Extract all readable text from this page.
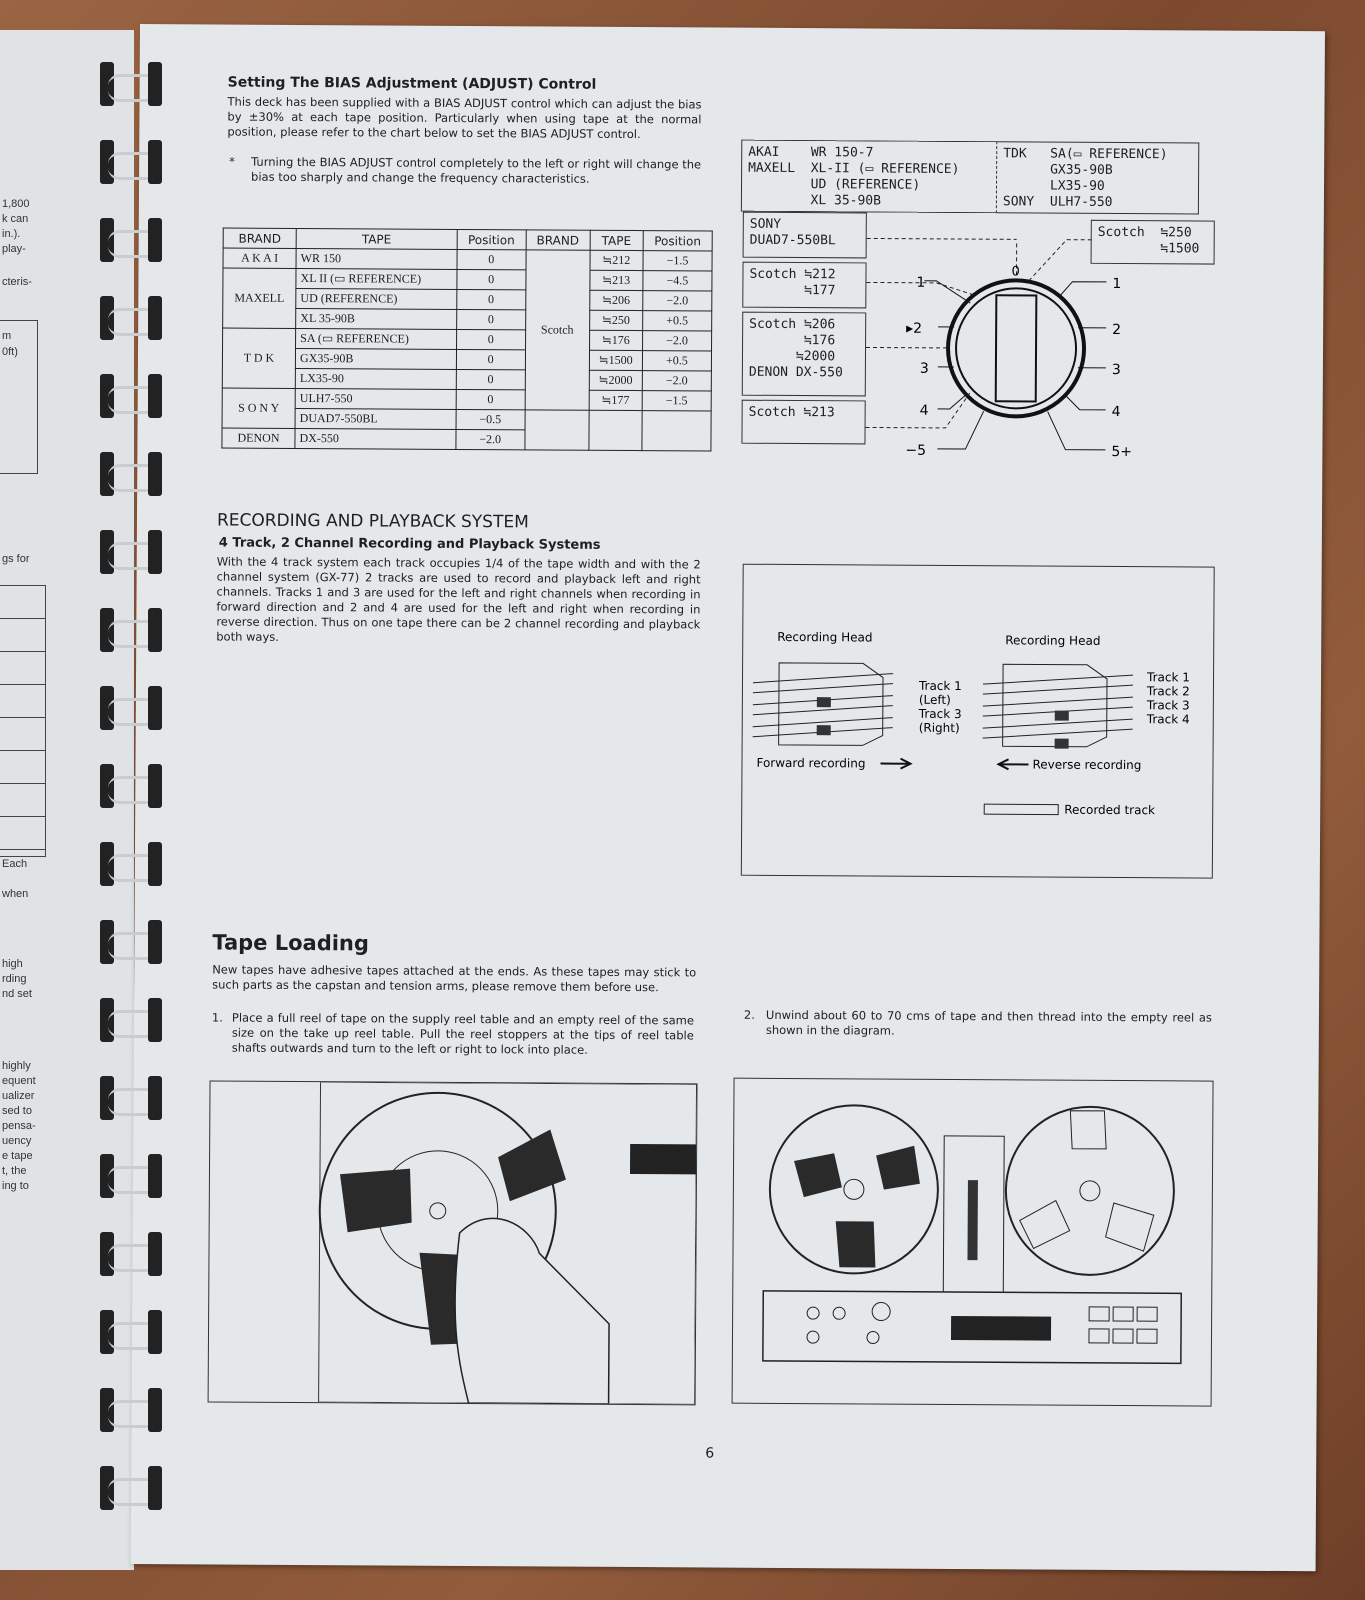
1,800
k can
in.).
play-
cteris-
m
0ft)
gs for
Each
when
high
rding
nd set
highly
equent
ualizer
sed to
pensa-
uency
e tape
t, the
ing to
Setting The BIAS Adjustment (ADJUST) Control
This deck has been supplied with a BIAS ADJUST control which can adjust the bias by ±30% at each tape position. Particularly when using tape at the normal position, please refer to the chart below to set the BIAS ADJUST control.
* Turning the BIAS ADJUST control completely to the left or right will change the bias too sharply and change the frequency characteristics.
BRAND	TAPE	Position	BRAND	TAPE	Position
A K A I	WR 150	0	Scotch	≒212	−1.5
MAXELL	XL II (▭ REFERENCE)	0		≒213	−4.5
	UD (REFERENCE)	0		≒206	−2.0
	XL 35-90B	0		≒250	+0.5
T D K	SA (▭ REFERENCE)	0		≒176	−2.0
	GX35-90B	0		≒1500	+0.5
	LX35-90	0		≒2000	−2.0
S O N Y	ULH7-550	0		≒177	−1.5
	DUAD7-550BL	−0.5			
DENON	DX-550	−2.0			
AKAI    WR 150-7
MAXELL  XL-II (▭ REFERENCE)
UD (REFERENCE)
XL 35-90B
TDK   SA(▭ REFERENCE)
GX35-90B
LX35-90
SONY  ULH7-550
SONY
DUAD7-550BL
Scotch ≒212
≒177
Scotch ≒206
≒176
≒2000
DENON DX-550
Scotch ≒213
Scotch  ≒250
≒1500
1
▸2
3
4
−5
1
2
3
4
5+
0
RECORDING AND PLAYBACK SYSTEM
4 Track, 2 Channel Recording and Playback Systems
With the 4 track system each track occupies 1/4 of the tape width and with the 2 channel system (GX-77) 2 tracks are used to record and playback left and right channels. Tracks 1 and 3 are used for the left and right channels when recording in forward direction and 2 and 4 are used for the left and right when recording in reverse direction. Thus on one tape there can be 2 channel recording and playback both ways.	Recording Head	Recording Head
Track 1
(Left)
Track 3
(Right)
Track 1
Track 2
Track 3
Track 4
Forward recording	Reverse recording
Recorded track
Tape Loading
New tapes have adhesive tapes attached at the ends. As these tapes may stick to such parts as the capstan and tension arms, please remove them before use.
1. Place a full reel of tape on the supply reel table and an empty reel of the same size on the take up reel table. Pull the reel stoppers at the tips of reel table shafts outwards and turn to the left or right to lock into place.
2. Unwind about 60 to 70 cms of tape and then thread into the empty reel as shown in the diagram.
6
